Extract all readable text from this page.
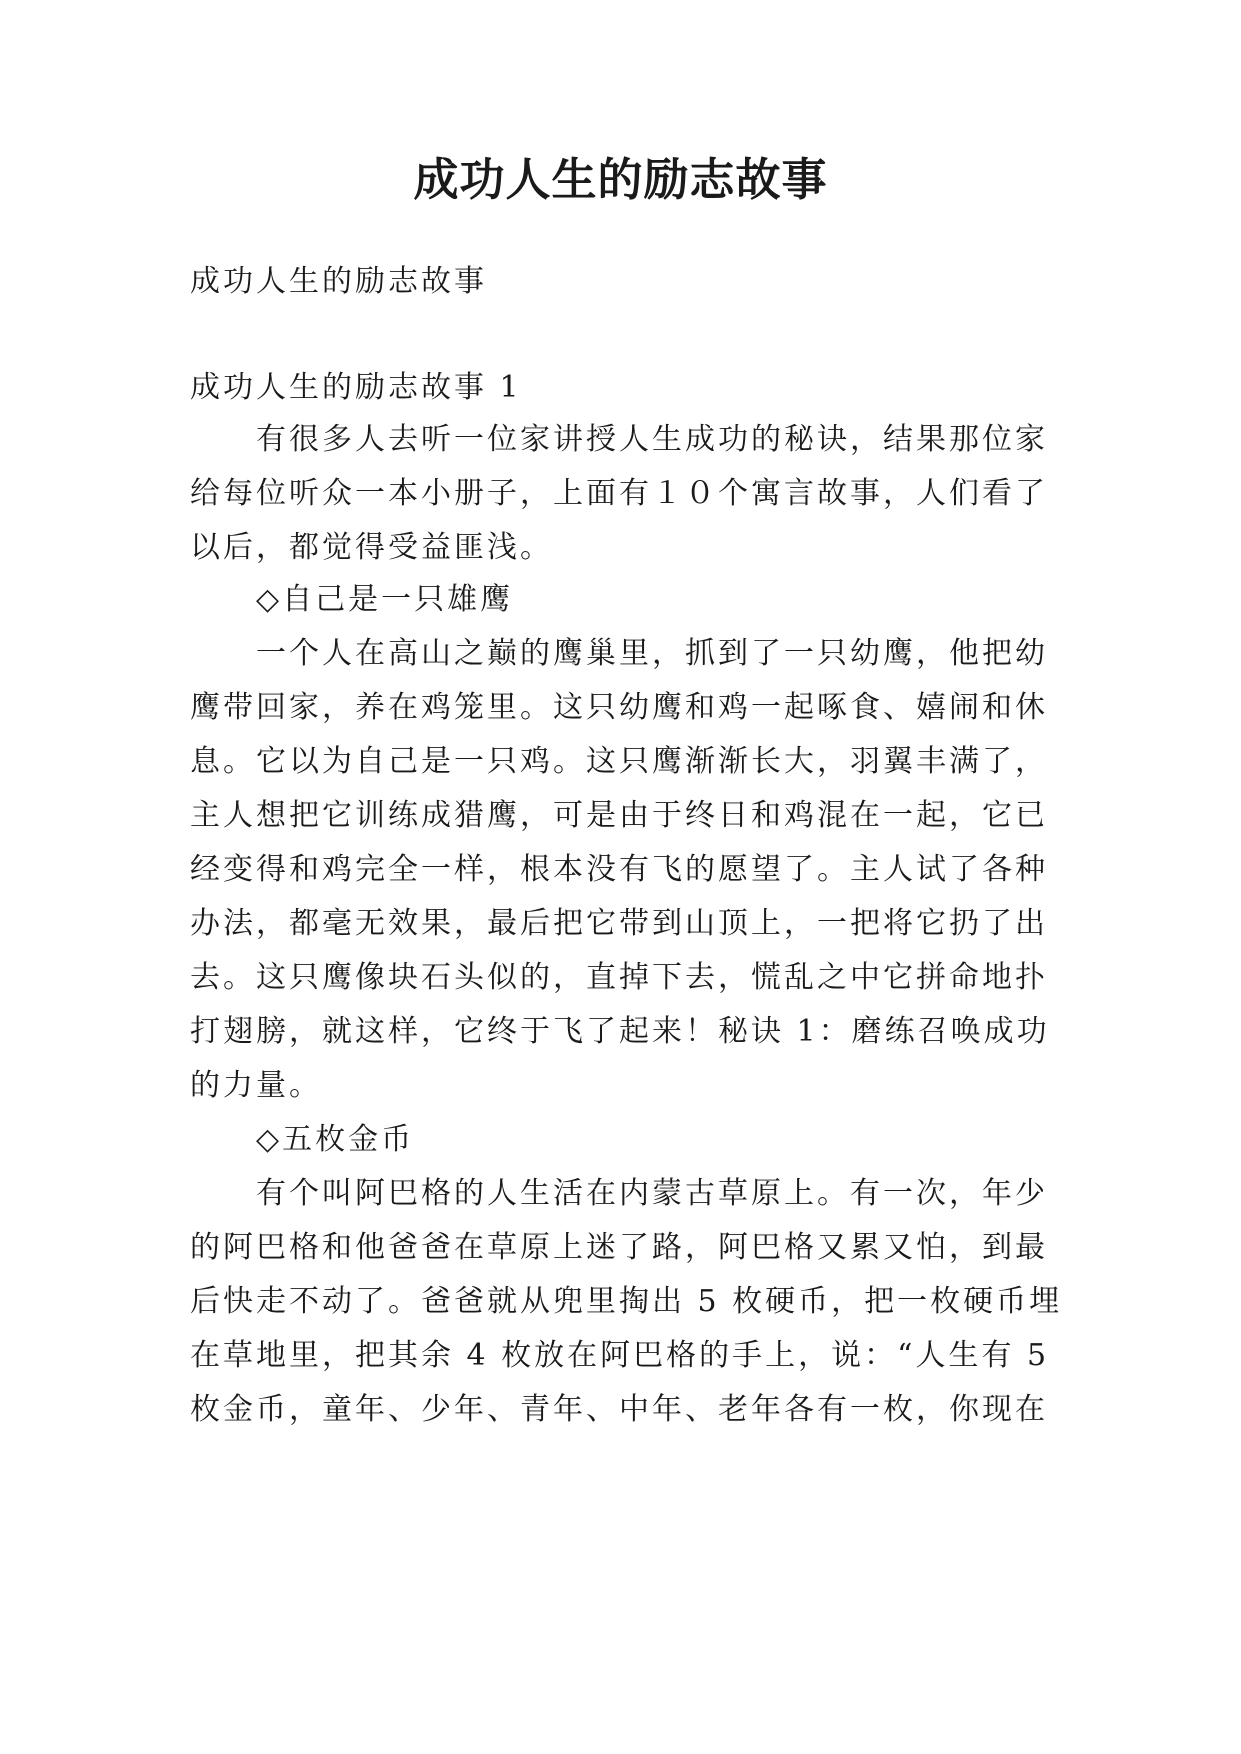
成功人生的励志故事
成功人生的励志故事
成功人生的励志故事 1
有很多人去听一位家讲授人生成功的秘诀，结果那位家
给每位听众一本小册子，上面有１０个寓言故事，人们看了
以后，都觉得受益匪浅。
◇自己是一只雄鹰
一个人在高山之巅的鹰巢里，抓到了一只幼鹰，他把幼
鹰带回家，养在鸡笼里。这只幼鹰和鸡一起啄食、嬉闹和休
息。它以为自己是一只鸡。这只鹰渐渐长大，羽翼丰满了，
主人想把它训练成猎鹰，可是由于终日和鸡混在一起，它已
经变得和鸡完全一样，根本没有飞的愿望了。主人试了各种
办法，都毫无效果，最后把它带到山顶上，一把将它扔了出
去。这只鹰像块石头似的，直掉下去，慌乱之中它拼命地扑
打翅膀，就这样，它终于飞了起来！秘诀 1：磨练召唤成功
的力量。
◇五枚金币
有个叫阿巴格的人生活在内蒙古草原上。有一次，年少
的阿巴格和他爸爸在草原上迷了路，阿巴格又累又怕，到最
后快走不动了。爸爸就从兜里掏出 5 枚硬币，把一枚硬币埋
在草地里，把其余 4 枚放在阿巴格的手上，说：“人生有 5
枚金币，童年、少年、青年、中年、老年各有一枚，你现在
